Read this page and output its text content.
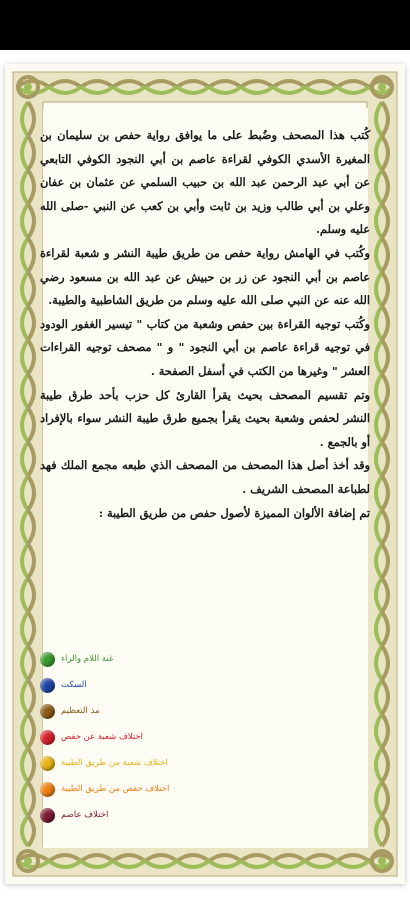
كُتب هذا المصحف وضُبط على ما يوافق رواية حفص بن سليمان بن المغيرة الأسدي الكوفي لقراءة عاصم بن أبي النجود الكوفي التابعي عن أبي عبد الرحمن عبد الله بن حبيب السلمي عن عثمان بن عفان وعلي بن أبي طالب وزيد بن ثابت وأبي بن كعب عن النبي -صلى الله عليه وسلم.

وكُتب في الهامش رواية حفص من طريق طيبة النشر و شعبة لقراءة عاصم بن أبي النجود عن زر بن حبيش عن عبد الله بن مسعود رضي الله عنه عن النبي صلى الله عليه وسلم من طريق الشاطبية والطيبة.

وكُتب توجيه القراءة بين حفص وشعبة من كتاب " تيسير الغفور الودود في توجيه قراءة عاصم بن أبي النجود " و " مصحف توجيه القراءات العشر " وغيرها من الكتب في أسفل الصفحة .

وتم تقسيم المصحف بحيث يقرأ القارئ كل حزب بأحد طرق طيبة النشر لحفص وشعبة بحيث يقرأ بجميع طرق طيبة النشر سواء بالإفراد أو بالجمع .

وقد أخذ أصل هذا المصحف من المصحف الذي طبعه مجمع الملك فهد لطباعة المصحف الشريف .

تم إضافة الألوان المميزة لأصول حفص من طريق الطيبة :

غنة اللام والراء
السكت
مد التعظيم
اختلاف شعبة عن حفص
اختلاف شعبة من طريق الطيبة
اختلاف حفص من طريق الطيبة
اختلاف عاصم
